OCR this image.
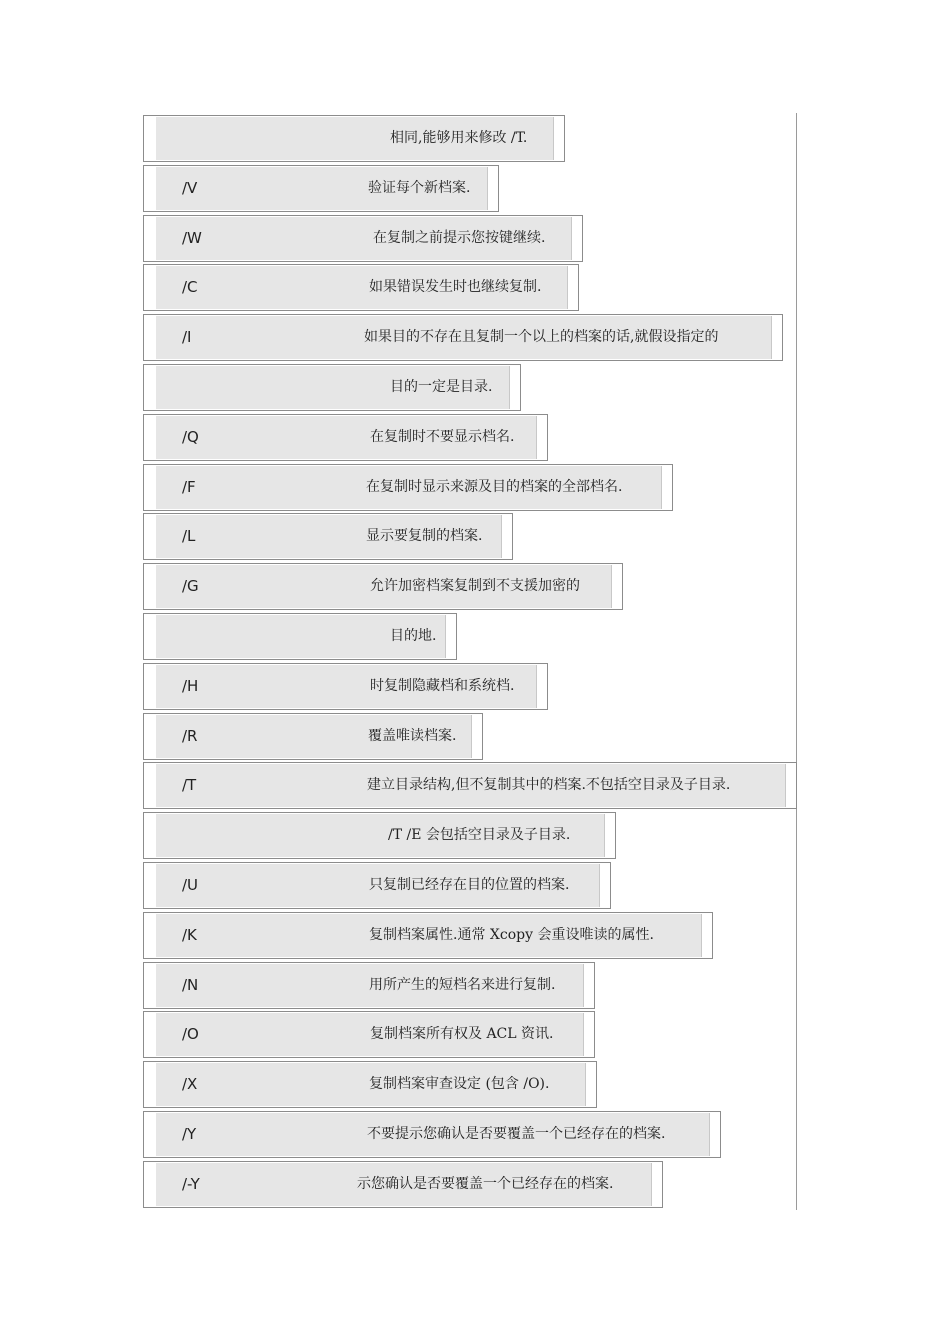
相同,能够用来修改 /T.
/V	验证每个新档案.
/W	在复制之前提示您按键继续.
/C	如果错误发生时也继续复制.
/I	如果目的不存在且复制一个以上的档案的话,就假设指定的
目的一定是目录.
/Q	在复制时不要显示档名.
/F	在复制时显示来源及目的档案的全部档名.
/L	显示要复制的档案.
/G	允许加密档案复制到不支援加密的
目的地.
/H	时复制隐藏档和系统档.
/R	覆盖唯读档案.
/T	建立目录结构,但不复制其中的档案.不包括空目录及子目录.
/T /E 会包括空目录及子目录.
/U	只复制已经存在目的位置的档案.
/K	复制档案属性.通常 Xcopy 会重设唯读的属性.
/N	用所产生的短档名来进行复制.
/O	复制档案所有权及 ACL 资讯.
/X	复制档案审查设定 (包含 /O).
/Y	不要提示您确认是否要覆盖一个已经存在的档案.
/-Y	示您确认是否要覆盖一个已经存在的档案.
